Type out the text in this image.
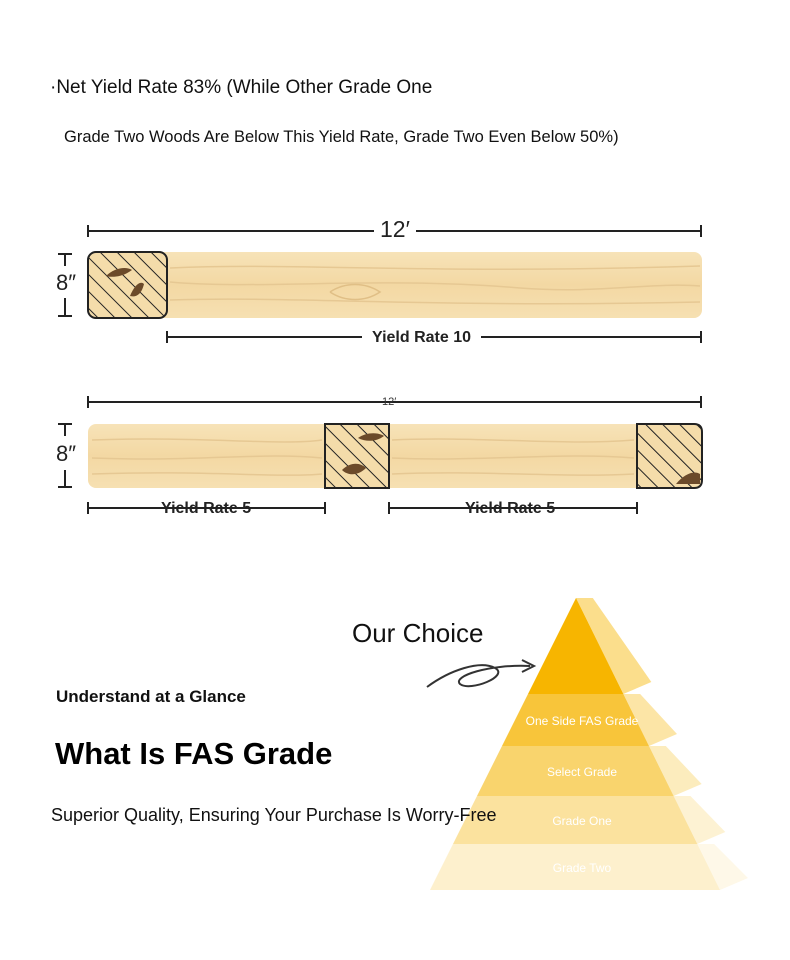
·Net Yield Rate 83% (While Other Grade One
Grade Two Woods Are Below This Yield Rate, Grade Two Even Below 50%)
12′
8″
Yield Rate 10
12′
8″
Yield Rate 5	Yield Rate 5
One Side FAS Grade
Select Grade
Grade One
Grade Two
Our Choice
Understand at a Glance
What Is FAS Grade
Superior Quality, Ensuring Your Purchase Is Worry-Free
